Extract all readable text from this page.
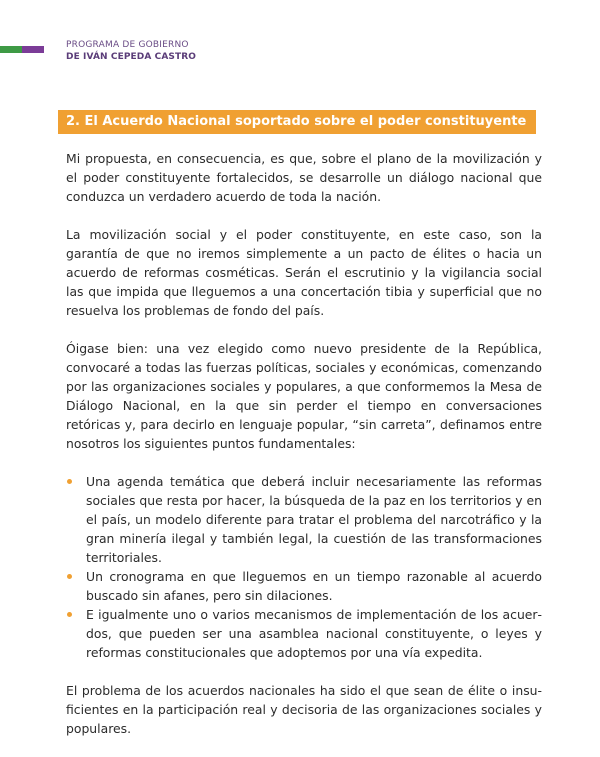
PROGRAMA DE GOBIERNO
DE IVÁN CEPEDA CASTRO
2. El Acuerdo Nacional soportado sobre el poder constituyente

Mi propuesta, en consecuencia, es que, sobre el plano de la movilización y el poder constituyente fortalecidos, se desarrolle un diálogo nacional que conduzca un verdadero acuerdo de toda la nación.

La movilización social y el poder constituyente, en este caso, son la garantía de que no iremos simplemente a un pacto de élites o hacia un acuerdo de reformas cosméticas. Serán el escrutinio y la vigilancia social las que impida que lleguemos a una concertación tibia y superficial que no resuelva los problemas de fondo del país.

Óigase bien: una vez elegido como nuevo presidente de la República, convocaré a todas las fuerzas políticas, sociales y económicas, comenzando por las organizaciones sociales y populares, a que conformemos la Mesa de Diálogo Nacional, en la que sin perder el tiempo en conversaciones retóricas y, para decirlo en lenguaje popular, “sin carreta”, definamos entre nosotros los siguientes puntos fundamentales:

Una agenda temática que deberá incluir necesariamente las reformas sociales que resta por hacer, la búsqueda de la paz en los territorios y en el país, un modelo diferente para tratar el problema del narcotráfico y la gran minería ilegal y también legal, la cuestión de las transformaciones territoriales.
Un cronograma en que lleguemos en un tiempo razonable al acuerdo buscado sin afanes, pero sin dilaciones.
E igualmente uno o varios mecanismos de implementación de los acuerdos, que pueden ser una asamblea nacional constituyente, o leyes y reformas constitucionales que adoptemos por una vía expedita.

El problema de los acuerdos nacionales ha sido el que sean de élite o insuficientes en la participación real y decisoria de las organizaciones sociales y populares.
